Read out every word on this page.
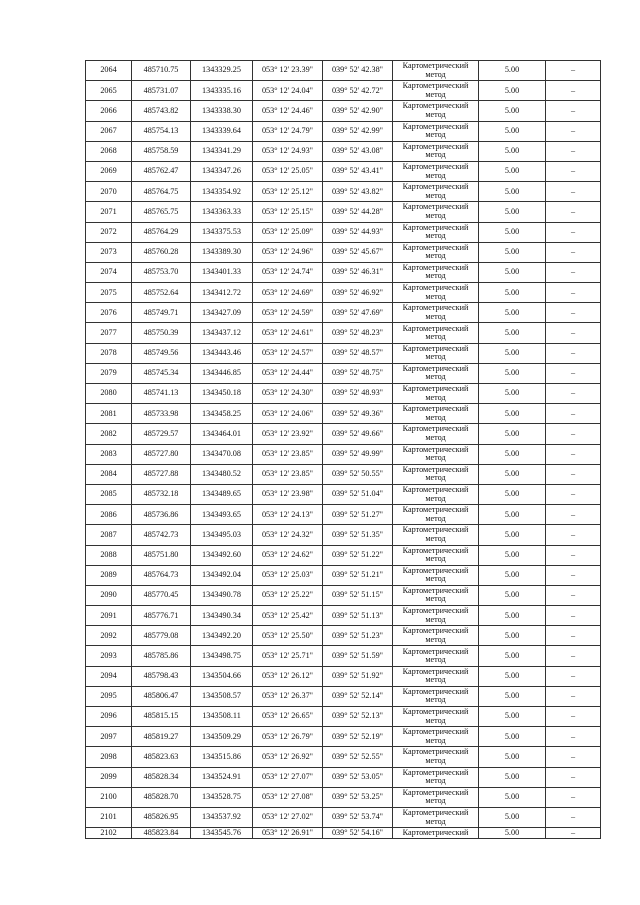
2064	485710.75	1343329.25	053° 12' 23.39"	039° 52' 42.38"	Картометрический метод	5.00	–
2065	485731.07	1343335.16	053° 12' 24.04"	039° 52' 42.72"	Картометрический метод	5.00	–
2066	485743.82	1343338.30	053° 12' 24.46"	039° 52' 42.90"	Картометрический метод	5.00	–
2067	485754.13	1343339.64	053° 12' 24.79"	039° 52' 42.99"	Картометрический метод	5.00	–
2068	485758.59	1343341.29	053° 12' 24.93"	039° 52' 43.08"	Картометрический метод	5.00	–
2069	485762.47	1343347.26	053° 12' 25.05"	039° 52' 43.41"	Картометрический метод	5.00	–
2070	485764.75	1343354.92	053° 12' 25.12"	039° 52' 43.82"	Картометрический метод	5.00	–
2071	485765.75	1343363.33	053° 12' 25.15"	039° 52' 44.28"	Картометрический метод	5.00	–
2072	485764.29	1343375.53	053° 12' 25.09"	039° 52' 44.93"	Картометрический метод	5.00	–
2073	485760.28	1343389.30	053° 12' 24.96"	039° 52' 45.67"	Картометрический метод	5.00	–
2074	485753.70	1343401.33	053° 12' 24.74"	039° 52' 46.31"	Картометрический метод	5.00	–
2075	485752.64	1343412.72	053° 12' 24.69"	039° 52' 46.92"	Картометрический метод	5.00	–
2076	485749.71	1343427.09	053° 12' 24.59"	039° 52' 47.69"	Картометрический метод	5.00	–
2077	485750.39	1343437.12	053° 12' 24.61"	039° 52' 48.23"	Картометрический метод	5.00	–
2078	485749.56	1343443.46	053° 12' 24.57"	039° 52' 48.57"	Картометрический метод	5.00	–
2079	485745.34	1343446.85	053° 12' 24.44"	039° 52' 48.75"	Картометрический метод	5.00	–
2080	485741.13	1343450.18	053° 12' 24.30"	039° 52' 48.93"	Картометрический метод	5.00	–
2081	485733.98	1343458.25	053° 12' 24.06"	039° 52' 49.36"	Картометрический метод	5.00	–
2082	485729.57	1343464.01	053° 12' 23.92"	039° 52' 49.66"	Картометрический метод	5.00	–
2083	485727.80	1343470.08	053° 12' 23.85"	039° 52' 49.99"	Картометрический метод	5.00	–
2084	485727.88	1343480.52	053° 12' 23.85"	039° 52' 50.55"	Картометрический метод	5.00	–
2085	485732.18	1343489.65	053° 12' 23.98"	039° 52' 51.04"	Картометрический метод	5.00	–
2086	485736.86	1343493.65	053° 12' 24.13"	039° 52' 51.27"	Картометрический метод	5.00	–
2087	485742.73	1343495.03	053° 12' 24.32"	039° 52' 51.35"	Картометрический метод	5.00	–
2088	485751.80	1343492.60	053° 12' 24.62"	039° 52' 51.22"	Картометрический метод	5.00	–
2089	485764.73	1343492.04	053° 12' 25.03"	039° 52' 51.21"	Картометрический метод	5.00	–
2090	485770.45	1343490.78	053° 12' 25.22"	039° 52' 51.15"	Картометрический метод	5.00	–
2091	485776.71	1343490.34	053° 12' 25.42"	039° 52' 51.13"	Картометрический метод	5.00	–
2092	485779.08	1343492.20	053° 12' 25.50"	039° 52' 51.23"	Картометрический метод	5.00	–
2093	485785.86	1343498.75	053° 12' 25.71"	039° 52' 51.59"	Картометрический метод	5.00	–
2094	485798.43	1343504.66	053° 12' 26.12"	039° 52' 51.92"	Картометрический метод	5.00	–
2095	485806.47	1343508.57	053° 12' 26.37"	039° 52' 52.14"	Картометрический метод	5.00	–
2096	485815.15	1343508.11	053° 12' 26.65"	039° 52' 52.13"	Картометрический метод	5.00	–
2097	485819.27	1343509.29	053° 12' 26.79"	039° 52' 52.19"	Картометрический метод	5.00	–
2098	485823.63	1343515.86	053° 12' 26.92"	039° 52' 52.55"	Картометрический метод	5.00	–
2099	485828.34	1343524.91	053° 12' 27.07"	039° 52' 53.05"	Картометрический метод	5.00	–
2100	485828.70	1343528.75	053° 12' 27.08"	039° 52' 53.25"	Картометрический метод	5.00	–
2101	485826.95	1343537.92	053° 12' 27.02"	039° 52' 53.74"	Картометрический метод	5.00	–
2102	485823.84	1343545.76	053° 12' 26.91"	039° 52' 54.16"	Картометрический	5.00	–
